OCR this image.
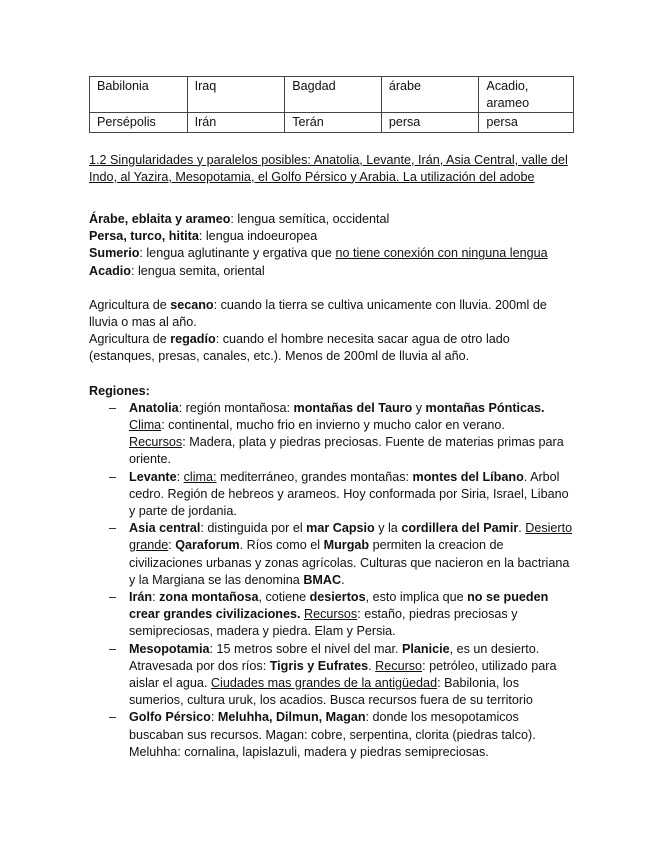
Babilonia	Iraq	Bagdad	árabe	Acadio, arameo
Persépolis	Irán	Terán	persa	persa

1.2 Singularidades y paralelos posibles: Anatolia, Levante, Irán, Asia Central, valle del Indo, al Yazira, Mesopotamia, el Golfo Pérsico y Arabia. La utilización del adobe

Árabe, eblaita y arameo: lengua semítica, occidental

Persa, turco, hitita: lengua indoeuropea

Sumerio: lengua aglutinante y ergativa que no tiene conexión con ninguna lengua

Acadio: lengua semita, oriental

Agricultura de secano: cuando la tierra se cultiva unicamente con lluvia. 200ml de lluvia o mas al año.

Agricultura de regadío: cuando el hombre necesita sacar agua de otro lado (estanques, presas, canales, etc.). Menos de 200ml de lluvia al año.

Regiones:

– Anatolia: región montañosa: montañas del Tauro y montañas Pónticas.
Clima: continental, mucho frio en invierno y mucho calor en verano.
Recursos: Madera, plata y piedras preciosas. Fuente de materias primas para oriente.
– Levante: clima: mediterráneo, grandes montañas: montes del Líbano. Arbol cedro. Región de hebreos y arameos. Hoy conformada por Siria, Israel, Libano y parte de jordania.
– Asia central: distinguida por el mar Capsio y la cordillera del Pamir. Desierto grande: Qaraforum. Ríos como el Murgab permiten la creacion de civilizaciones urbanas y zonas agrícolas. Culturas que nacieron en la bactriana y la Margiana se las denomina BMAC.
– Irán: zona montañosa, cotiene desiertos, esto implica que no se pueden crear grandes civilizaciones. Recursos: estaño, piedras preciosas y semipreciosas, madera y piedra. Elam y Persia.
– Mesopotamia: 15 metros sobre el nivel del mar. Planicie, es un desierto. Atravesada por dos ríos: Tigris y Eufrates. Recurso: petróleo, utilizado para aislar el agua. Ciudades mas grandes de la antigüedad: Babilonia, los sumerios, cultura uruk, los acadios. Busca recursos fuera de su territorio
– Golfo Pérsico: Meluhha, Dilmun, Magan: donde los mesopotamicos buscaban sus recursos. Magan: cobre, serpentina, clorita (piedras talco). Meluhha: cornalina, lapislazuli, madera y piedras semipreciosas.
